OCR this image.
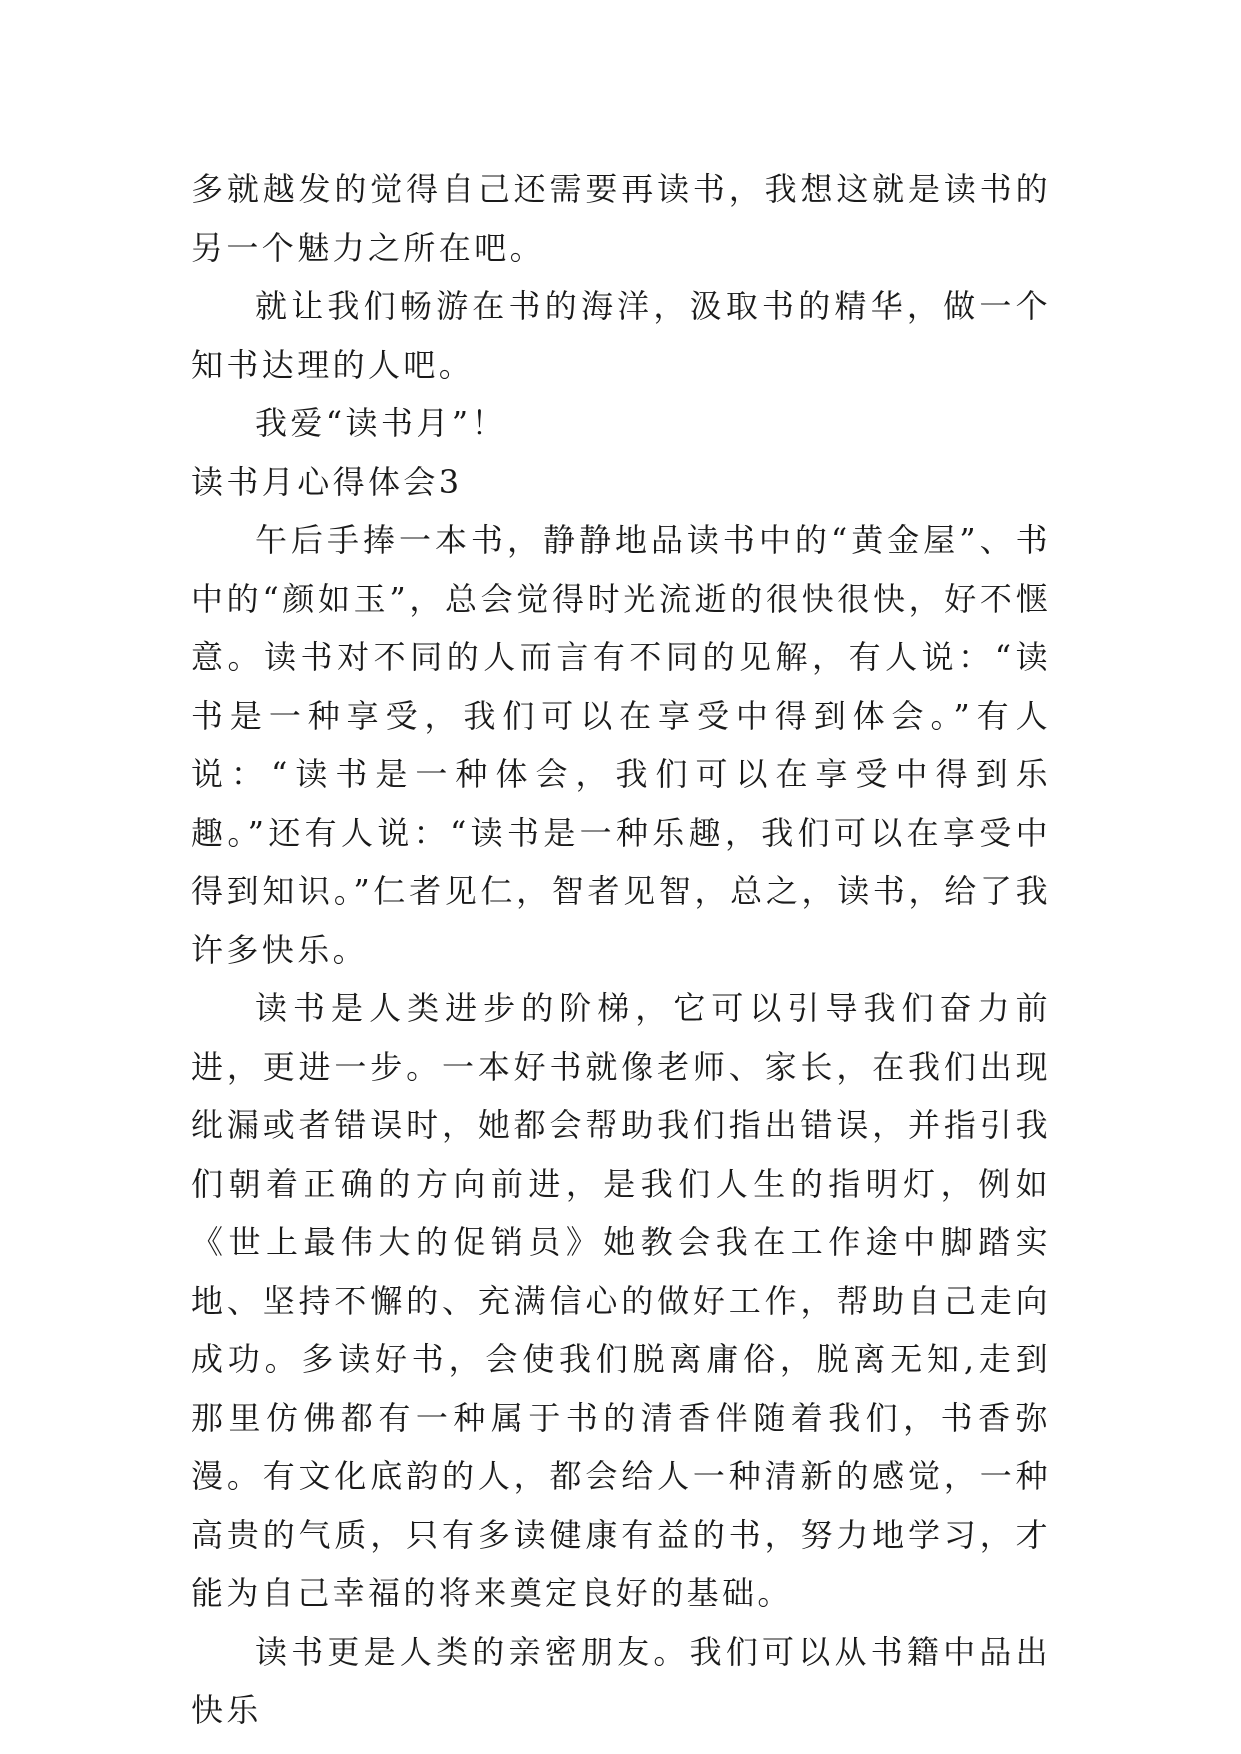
多就越发的觉得自己还需要再读书，我想这就是读书的另一个魅力之所在吧。

就让我们畅游在书的海洋，汲取书的精华，做一个知书达理的人吧。

我爱“读书月”！

读书月心得体会3

午后手捧一本书，静静地品读书中的“黄金屋”、书中的“颜如玉”，总会觉得时光流逝的很快很快，好不惬意。读书对不同的人而言有不同的见解，有人说：“读书是一种享受，我们可以在享受中得到体会。”有人说：“读书是一种体会，我们可以在享受中得到乐趣。”还有人说：“读书是一种乐趣，我们可以在享受中得到知识。”仁者见仁，智者见智，总之，读书，给了我许多快乐。

读书是人类进步的阶梯，它可以引导我们奋力前进，更进一步。一本好书就像老师、家长，在我们出现纰漏或者错误时，她都会帮助我们指出错误，并指引我们朝着正确的方向前进，是我们人生的指明灯，例如《世上最伟大的促销员》她教会我在工作途中脚踏实地、坚持不懈的、充满信心的做好工作，帮助自己走向成功。多读好书，会使我们脱离庸俗，脱离无知,走到那里仿佛都有一种属于书的清香伴随着我们，书香弥漫。有文化底韵的人，都会给人一种清新的感觉，一种高贵的气质，只有多读健康有益的书，努力地学习，才能为自己幸福的将来奠定良好的基础。

读书更是人类的亲密朋友。我们可以从书籍中品出快乐
